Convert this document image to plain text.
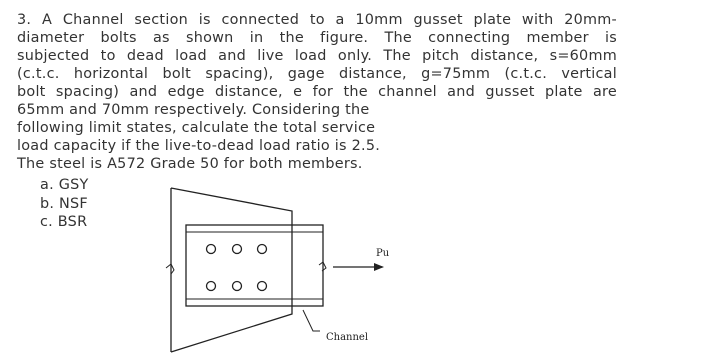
3. A Channel section is connected to a 10mm gusset plate with 20mm-
diameter bolts as shown in the figure. The connecting member is
subjected to dead load and live load only. The pitch distance, s=60mm
(c.t.c. horizontal bolt spacing), gage distance, g=75mm (c.t.c. vertical
bolt spacing) and edge distance, e for the channel and gusset plate are
65mm and 70mm respectively. Considering the
following limit states, calculate the total service
load capacity if the live-to-dead load ratio is 2.5.
The steel is A572 Grade 50 for both members.
a. GSY
b. NSF
c. BSR
Pu
Channel
